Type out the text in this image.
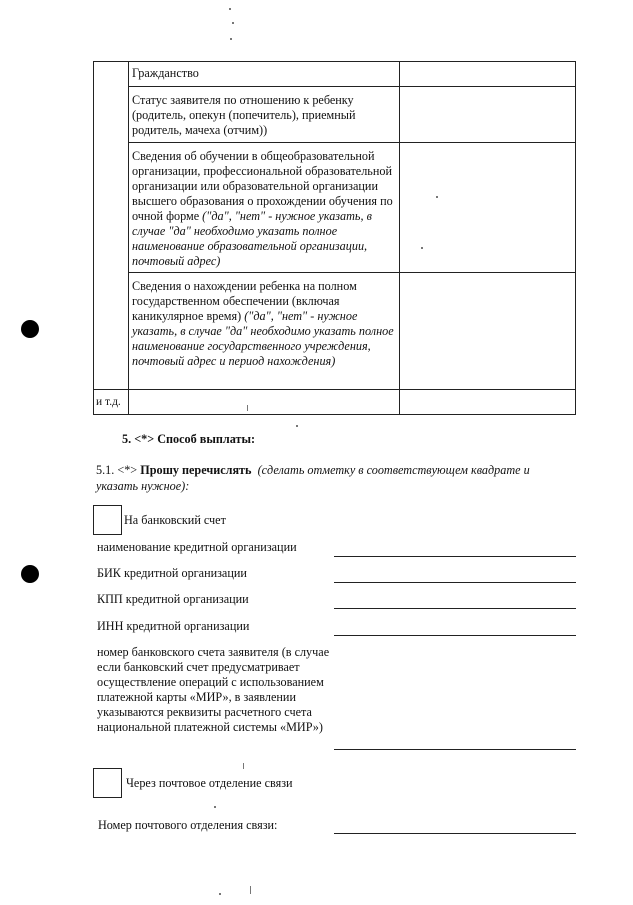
Гражданство
Статус заявителя по отношению к ребенку (родитель, опекун (попечитель), приемный родитель, мачеха (отчим))
Сведения об обучении в общеобразовательной организации, профессиональной образовательной организации или образовательной организации высшего образования о прохождении обучения по очной форме ("да", "нет" - нужное указать, в случае "да" необходимо указать полное наименование образовательной организации, почтовый адрес)
Сведения о нахождении ребенка на полном государственном обеспечении (включая каникулярное время) ("да", "нет" - нужное указать, в случае "да" необходимо указать полное наименование государственного учреждения, почтовый адрес и период нахождения)
и т.д.
5. <*> Способ выплаты:
5.1. <*> Прошу перечислять (сделать отметку в соответствующем квадрате и указать нужное):
На банковский счет
наименование кредитной организации
БИК кредитной организации
КПП кредитной организации
ИНН кредитной организации
номер банковского счета заявителя (в случае если банковский счет предусматривает осуществление операций с использованием платежной карты «МИР», в заявлении указываются реквизиты расчетного счета национальной платежной системы «МИР»)
Через почтовое отделение связи
Номер почтового отделения связи:
